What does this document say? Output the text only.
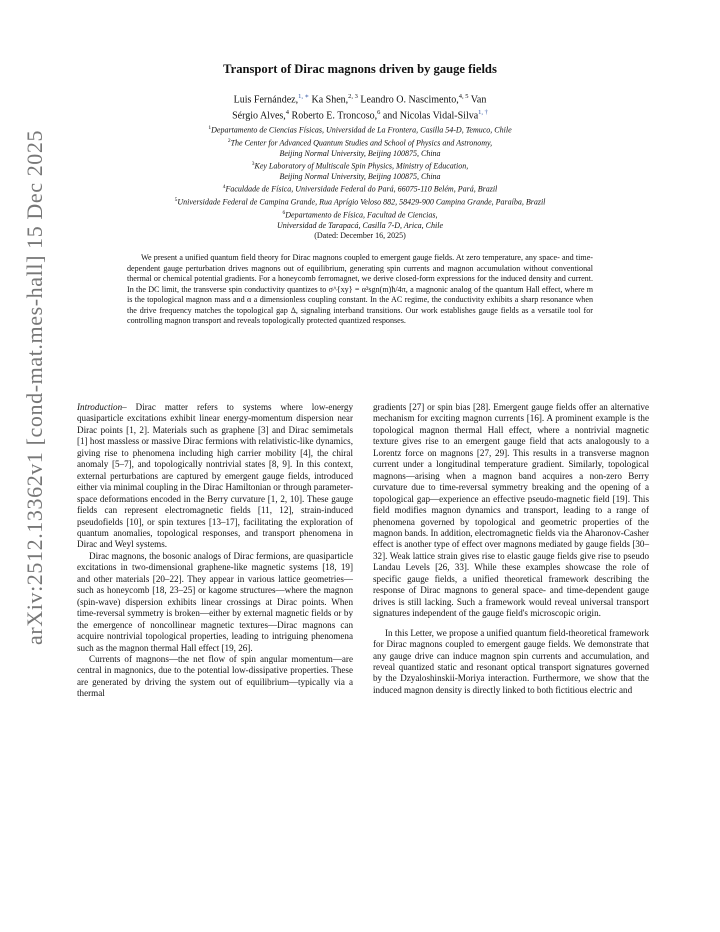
arXiv:2512.13362v1 [cond-mat.mes-hall] 15 Dec 2025
Transport of Dirac magnons driven by gauge fields
Luis Fernández,$^{1, ∗}$ Ka Shen,$^{2, 3}$ Leandro O. Nascimento,$^{4, 5}$ Van
Sérgio Alves,$^4$ Roberto E. Troncoso,$^6$ and Nicolas Vidal-Silva$^{1, \dagger}$
$^1$Departamento de Ciencias Físicas, Universidad de La Frontera, Casilla 54-D, Temuco, Chile
$^2$The Center for Advanced Quantum Studies and School of Physics and Astronomy,
Beijing Normal University, Beijing 100875, China
$^3$Key Laboratory of Multiscale Spin Physics, Ministry of Education,
Beijing Normal University, Beijing 100875, China
$^4$Faculdade de Física, Universidade Federal do Pará, 66075-110 Belém, Pará, Brazil
$^5$Universidade Federal de Campina Grande, Rua Aprígio Veloso 882, 58429-900 Campina Grande, Paraíba, Brazil
$^6$Departamento de Física, Facultad de Ciencias,
Universidad de Tarapacá, Casilla 7-D, Arica, Chile
(Dated: December 16, 2025)
We present a unified quantum field theory for Dirac magnons coupled to emergent gauge fields. At zero temperature, any space- and time-dependent gauge perturbation drives magnons out of equilibrium, generating spin currents and magnon accumulation without conventional thermal or chemical potential gradients. For a honeycomb ferromagnet, we derive closed-form expressions for the induced density and current. In the DC limit, the transverse spin conductivity quantizes to σ^{xy} = α²sgn(m)ħ/4π, a magnonic analog of the quantum Hall effect, where m is the topological magnon mass and α a dimensionless coupling constant. In the AC regime, the conductivity exhibits a sharp resonance when the drive frequency matches the topological gap Δ, signaling interband transitions. Our work establishes gauge fields as a versatile tool for controlling magnon transport and reveals topologically protected quantized responses.

Introduction– Dirac matter refers to systems where low-energy quasiparticle excitations exhibit linear energy-momentum dispersion near Dirac points [1, 2]. Materials such as graphene [3] and Dirac semimetals [1] host massless or massive Dirac fermions with relativistic-like dynamics, giving rise to phenomena including high carrier mobility [4], the chiral anomaly [5–7], and topologically nontrivial states [8, 9]. In this context, external perturbations are captured by emergent gauge fields, introduced either via minimal coupling in the Dirac Hamiltonian or through parameter-space deformations encoded in the Berry curvature [1, 2, 10]. These gauge fields can represent electromagnetic fields [11, 12], strain-induced pseudofields [10], or spin textures [13–17], facilitating the exploration of quantum anomalies, topological responses, and transport phenomena in Dirac and Weyl systems.

Dirac magnons, the bosonic analogs of Dirac fermions, are quasiparticle excitations in two-dimensional graphene-like magnetic systems [18, 19] and other materials [20–22]. They appear in various lattice geometries—such as honeycomb [18, 23–25] or kagome structures—where the magnon (spin-wave) dispersion exhibits linear crossings at Dirac points. When time-reversal symmetry is broken—either by external magnetic fields or by the emergence of noncollinear magnetic textures—Dirac magnons can acquire nontrivial topological properties, leading to intriguing phenomena such as the magnon thermal Hall effect [19, 26].

Currents of magnons—the net flow of spin angular momentum—are central in magnonics, due to the potential low-dissipative properties. These are generated by driving the system out of equilibrium—typically via a thermal

gradients [27] or spin bias [28]. Emergent gauge fields offer an alternative mechanism for exciting magnon currents [16]. A prominent example is the topological magnon thermal Hall effect, where a nontrivial magnetic texture gives rise to an emergent gauge field that acts analogously to a Lorentz force on magnons [27, 29]. This results in a transverse magnon current under a longitudinal temperature gradient. Similarly, topological magnons—arising when a magnon band acquires a non-zero Berry curvature due to time-reversal symmetry breaking and the opening of a topological gap—experience an effective pseudo-magnetic field [19]. This field modifies magnon dynamics and transport, leading to a range of phenomena governed by topological and geometric properties of the magnon bands. In addition, electromagnetic fields via the Aharonov-Casher effect is another type of effect over magnons mediated by gauge fields [30–32]. Weak lattice strain gives rise to elastic gauge fields give rise to pseudo Landau Levels [26, 33]. While these examples showcase the role of specific gauge fields, a unified theoretical framework describing the response of Dirac magnons to general space- and time-dependent gauge drives is still lacking. Such a framework would reveal universal transport signatures independent of the gauge field's microscopic origin.

In this Letter, we propose a unified quantum field-theoretical framework for Dirac magnons coupled to emergent gauge fields. We demonstrate that any gauge drive can induce magnon spin currents and accumulation, and reveal quantized static and resonant optical transport signatures governed by the Dzyaloshinskii-Moriya interaction. Furthermore, we show that the induced magnon density is directly linked to both fictitious electric and
